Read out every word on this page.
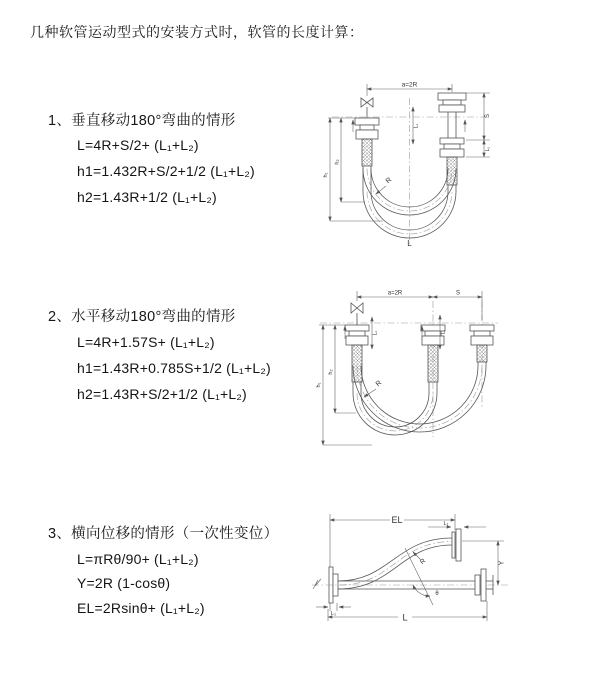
几种软管运动型式的安装方式时，软管的长度计算：
1、垂直移动180°弯曲的情形
L=4R+S/2+ (L₁+L₂)
h1=1.432R+S/2+1/2 (L₁+L₂)
h2=1.43R+1/2 (L₁+L₂)
2、水平移动180°弯曲的情形
L=4R+1.57S+ (L₁+L₂)
h1=1.43R+0.785S+1/2 (L₁+L₂)
h2=1.43R+S/2+1/2 (L₁+L₂)
3、横向位移的情形（一次性变位）
L=πRθ/90+ (L₁+L₂)
Y=2R (1-cosθ)
EL=2Rsinθ+ (L₁+L₂)
a=2R
h₁
h₂
S
L₁
L₁
R
L
a=2R	S
h₁
h₂
L₁	L₁
R
EL	L₁
R
θ
Y
L₁	L
